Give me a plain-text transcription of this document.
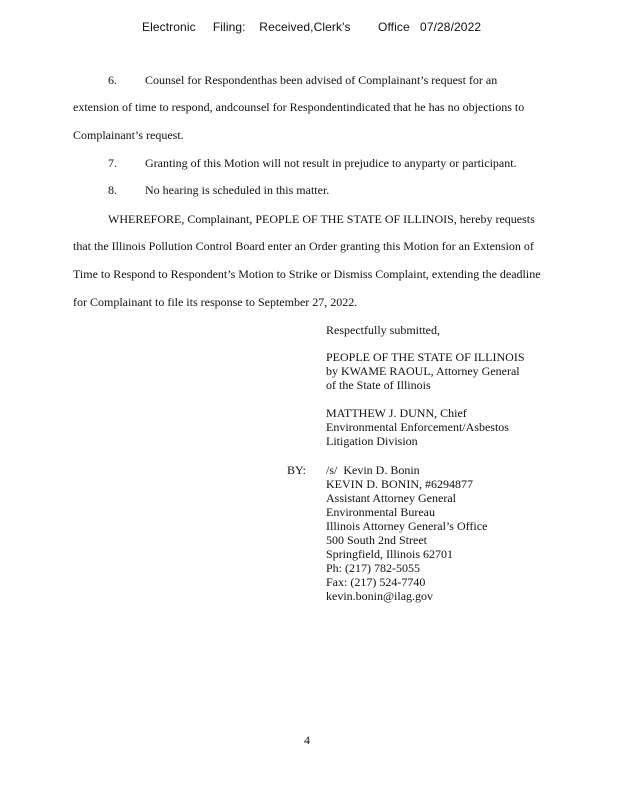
Electronic     Filing:    Received,Clerk's        Office   07/28/2022
6. Counsel for Respondenthas been advised of Complainant’s request for an
extension of time to respond, andcounsel for Respondentindicated that he has no objections to
Complainant’s request.
7. Granting of this Motion will not result in prejudice to anyparty or participant.
8. No hearing is scheduled in this matter.
WHEREFORE, Complainant, PEOPLE OF THE STATE OF ILLINOIS, hereby requests
that the Illinois Pollution Control Board enter an Order granting this Motion for an Extension of
Time to Respond to Respondent’s Motion to Strike or Dismiss Complaint, extending the deadline
for Complainant to file its response to September 27, 2022.
Respectfully submitted,
PEOPLE OF THE STATE OF ILLINOIS
by KWAME RAOUL, Attorney General
of the State of Illinois
MATTHEW J. DUNN, Chief
Environmental Enforcement/Asbestos
Litigation Division
BY: /s/  Kevin D. Bonin
KEVIN D. BONIN, #6294877
Assistant Attorney General
Environmental Bureau
Illinois Attorney General’s Office
500 South 2nd Street
Springfield, Illinois 62701
Ph: (217) 782-5055
Fax: (217) 524-7740
kevin.bonin@ilag.gov
4
